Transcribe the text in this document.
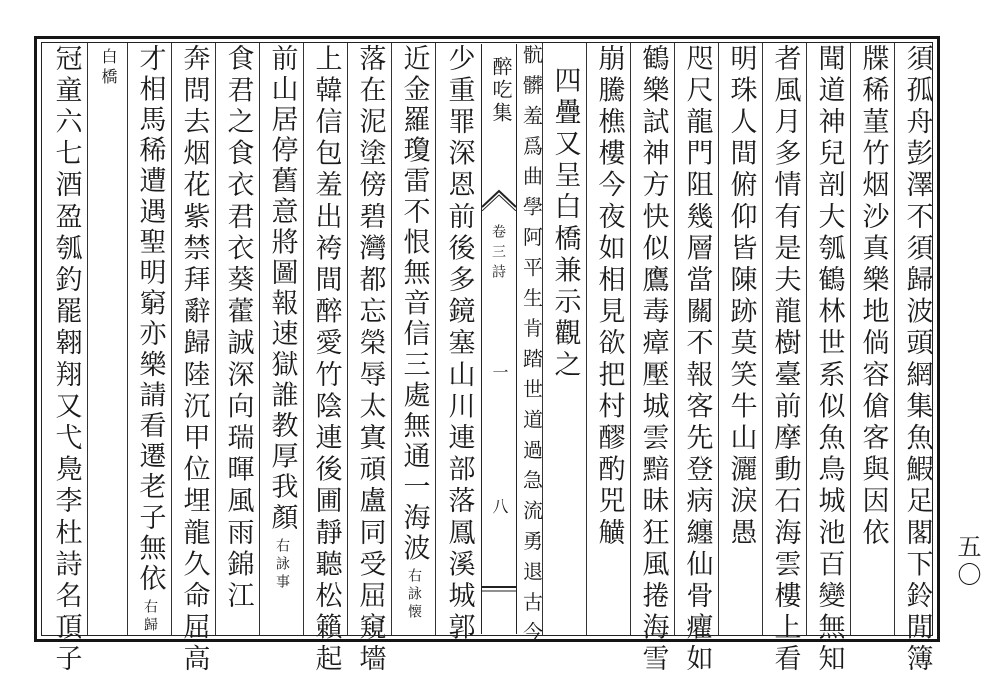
須孤舟彭澤不須歸波頭網集魚鰕足閣下鈴閒簿
牒稀菫竹烟沙真樂地倘容傖客與因依
聞道神兒剖大瓠鶴林世系似魚鳥城池百變無知
者風月多情有是夫龍樹臺前摩動石海雲樓上看
明珠人間俯仰皆陳跡莫笑牛山灑淚愚
咫尺龍門阻幾層當關不報客先登病纏仙骨癯如
鶴樂試神方快似鷹毒瘴壓城雲黯昧狂風捲海雪
崩騰樵樓今夜如相見欲把村醪酌兕觵
四疊又呈白橋兼示觀之
骯髒羞爲曲學阿平生肯踏世道過急流勇退古今
醉吃集
卷三詩
一
八
少重罪深恩前後多鏡塞山川連部落鳳溪城郭
近金羅瓊雷不恨無音信三處無通一海波
右詠懐
落在泥塗傍碧灣都忘榮辱太寘頑盧同受屈窺墻
上韓信包羞出袴間醉愛竹陰連後圃靜聽松籟起
前山居停舊意將圖報速獄誰教厚我顏
右詠事
食君之食衣君衣葵藿誠深向瑞暉風雨錦江
奔問去烟花紫禁拜辭歸陸沉甲位埋龍久命屈高
才相馬稀遭遇聖明窮亦樂請看遷老子無依
右歸
白橋
冠童六七酒盈瓠釣罷翱翔又弋鳧李杜詩名頂子	五〇
